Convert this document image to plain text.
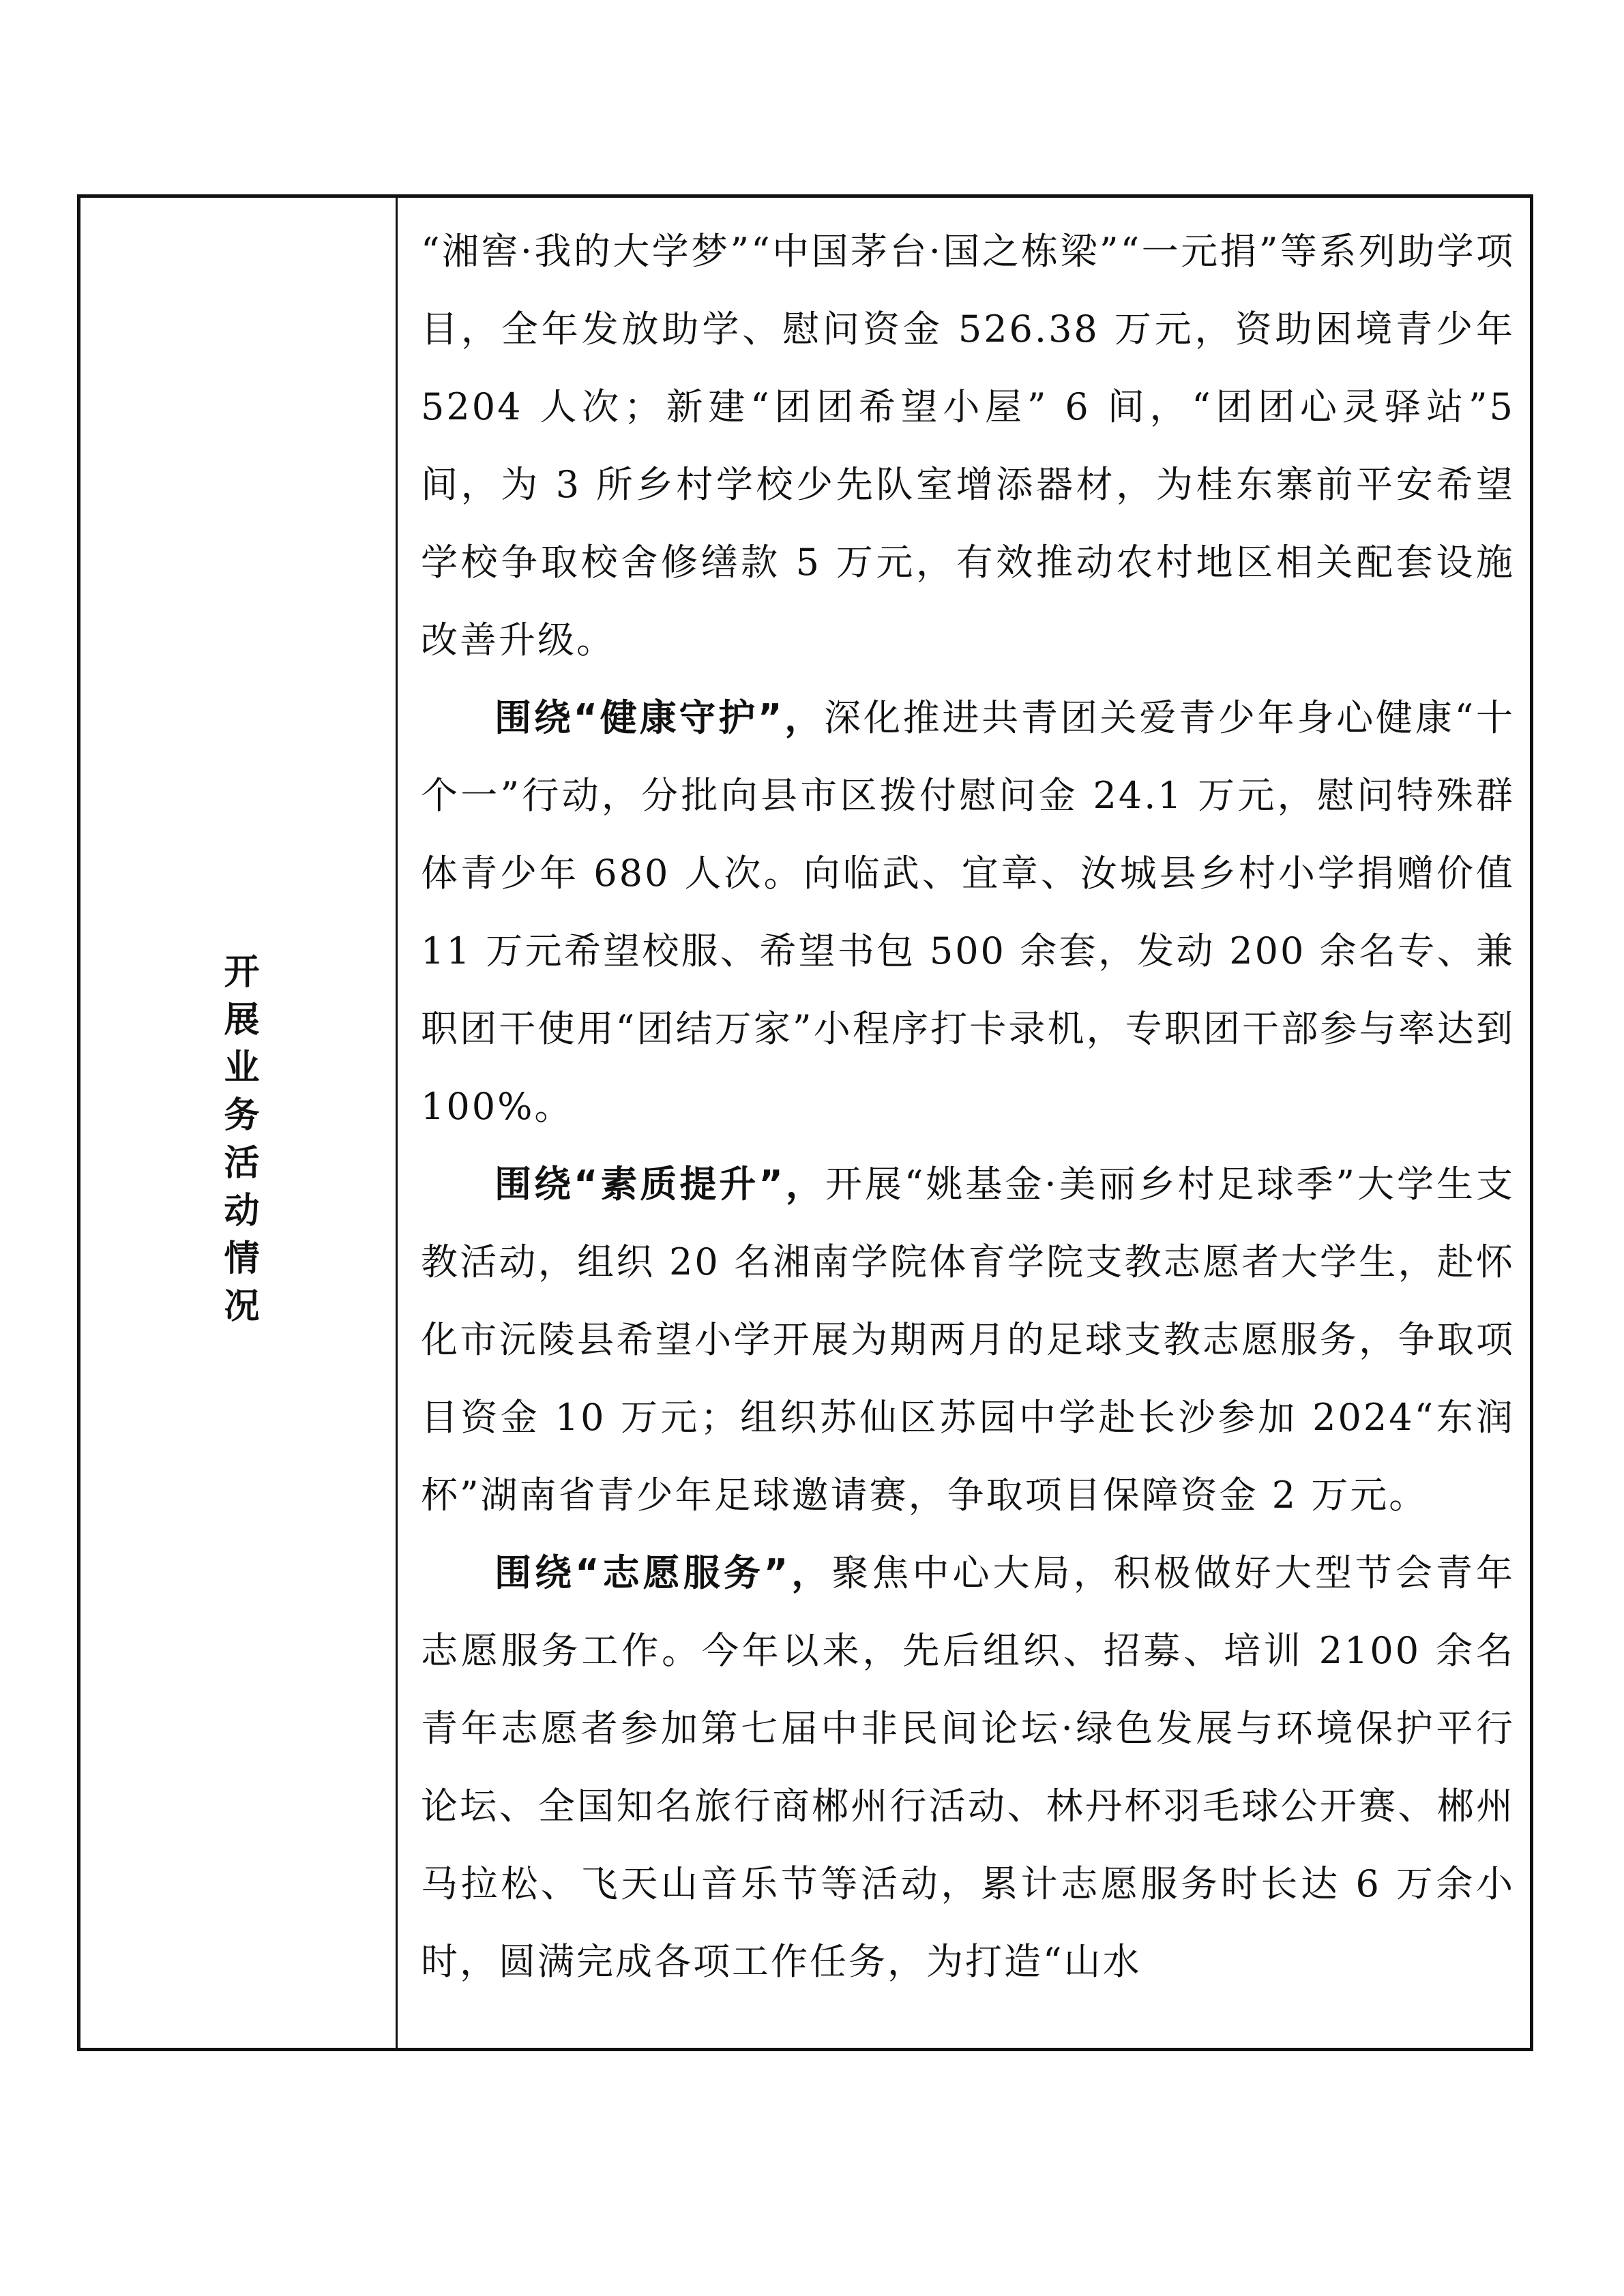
开展业务活动情况

“湘窖·我的大学梦”“中国茅台·国之栋梁”“一元捐”等系列助学项目，全年发放助学、慰问资金 526.38 万元，资助困境青少年 5204 人次；新建“团团希望小屋” 6 间，“团团心灵驿站”5 间，为 3 所乡村学校少先队室增添器材，为桂东寨前平安希望学校争取校舍修缮款 5 万元，有效推动农村地区相关配套设施改善升级。

围绕“健康守护”，深化推进共青团关爱青少年身心健康“十个一”行动，分批向县市区拨付慰问金 24.1 万元，慰问特殊群体青少年 680 人次。向临武、宜章、汝城县乡村小学捐赠价值 11 万元希望校服、希望书包 500 余套，发动 200 余名专、兼职团干使用“团结万家”小程序打卡录机，专职团干部参与率达到 100%。

围绕“素质提升”，开展“姚基金·美丽乡村足球季”大学生支教活动，组织 20 名湘南学院体育学院支教志愿者大学生，赴怀化市沅陵县希望小学开展为期两月的足球支教志愿服务，争取项目资金 10 万元；组织苏仙区苏园中学赴长沙参加 2024“东润杯”湖南省青少年足球邀请赛，争取项目保障资金 2 万元。

围绕“志愿服务”，聚焦中心大局，积极做好大型节会青年志愿服务工作。今年以来，先后组织、招募、培训 2100 余名青年志愿者参加第七届中非民间论坛·绿色发展与环境保护平行论坛、全国知名旅行商郴州行活动、林丹杯羽毛球公开赛、郴州马拉松、飞天山音乐节等活动，累计志愿服务时长达 6 万余小时，圆满完成各项工作任务，为打造“山水
